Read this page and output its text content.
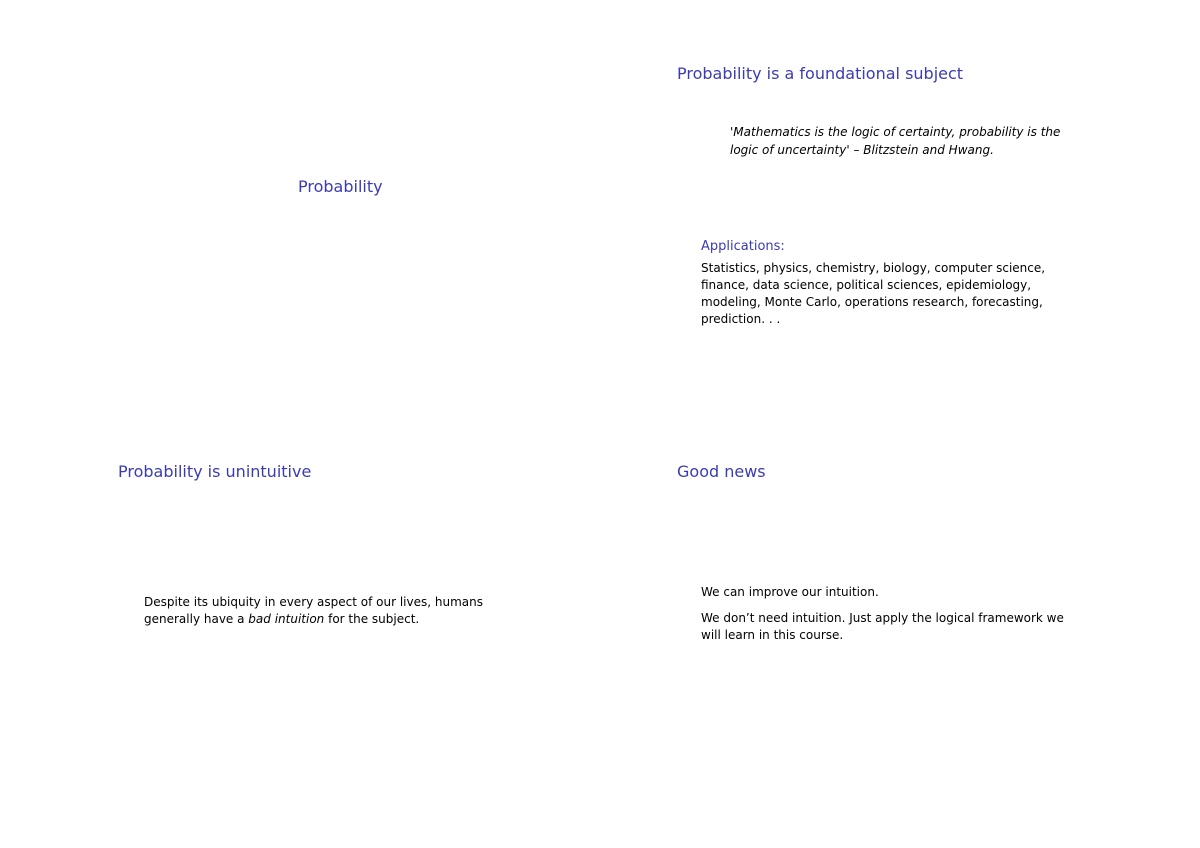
Probability
Probability is a foundational subject
'Mathematics is the logic of certainty, probability is the logic of uncertainty' – Blitzstein and Hwang.
Applications:
Statistics, physics, chemistry, biology, computer science, finance, data science, political sciences, epidemiology, modeling, Monte Carlo, operations research, forecasting, prediction. . .
Probability is unintuitive
Despite its ubiquity in every aspect of our lives, humans generally have a bad intuition for the subject.
Good news
We can improve our intuition.
We don’t need intuition. Just apply the logical framework we will learn in this course.
